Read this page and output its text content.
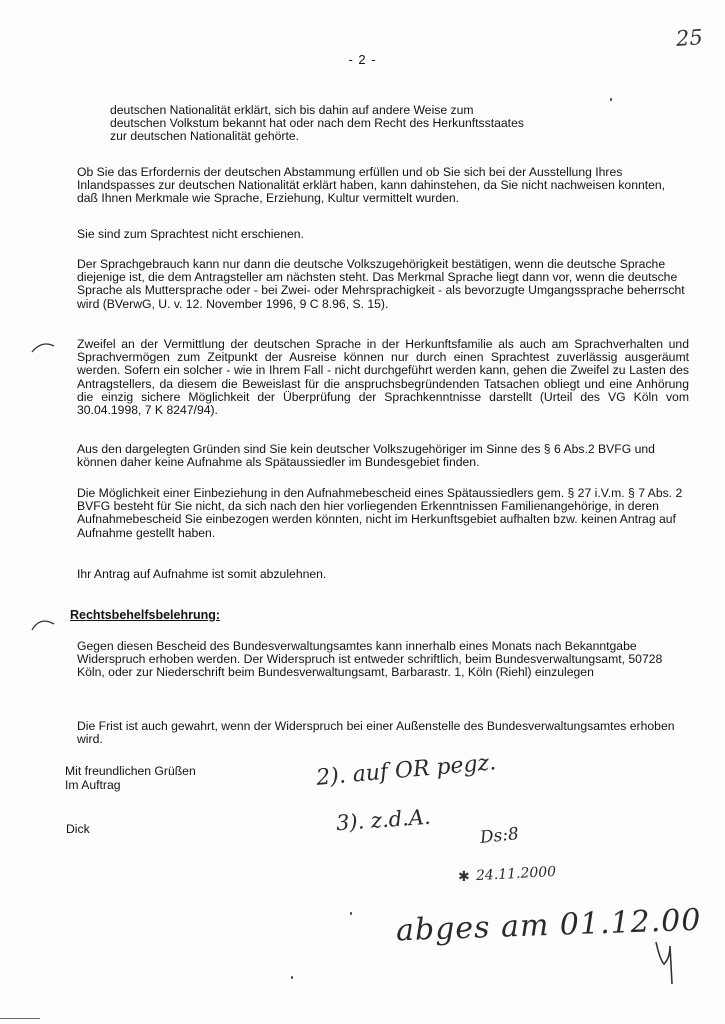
25
- 2 -

deutschen Nationalität erklärt, sich bis dahin auf andere Weise zum deutschen Volkstum bekannt hat oder nach dem Recht des Herkunftsstaates zur deutschen Nationalität gehörte.

Ob Sie das Erfordernis der deutschen Abstammung erfüllen und ob Sie sich bei der Ausstellung Ihres Inlandspasses zur deutschen Nationalität erklärt haben, kann dahinstehen, da Sie nicht nachweisen konnten, daß Ihnen Merkmale wie Sprache, Erziehung, Kultur vermittelt wurden.

Sie sind zum Sprachtest nicht erschienen.

Der Sprachgebrauch kann nur dann die deutsche Volkszugehörigkeit bestätigen, wenn die deutsche Sprache diejenige ist, die dem Antragsteller am nächsten steht. Das Merkmal Sprache liegt dann vor, wenn die deutsche Sprache als Muttersprache oder - bei Zwei- oder Mehrsprachigkeit - als bevorzugte Umgangssprache beherrscht wird (BVerwG, U. v. 12. November 1996, 9 C 8.96, S. 15).

Zweifel an der Vermittlung der deutschen Sprache in der Herkunftsfamilie als auch am Sprachverhalten und Sprachvermögen zum Zeitpunkt der Ausreise können nur durch einen Sprachtest zuverlässig ausgeräumt werden. Sofern ein solcher - wie in Ihrem Fall - nicht durchgeführt werden kann, gehen die Zweifel zu Lasten des Antragstellers, da diesem die Beweislast für die anspruchsbegründenden Tatsachen obliegt und eine Anhörung die einzig sichere Möglichkeit der Überprüfung der Sprachkenntnisse darstellt (Urteil des VG Köln vom 30.04.1998, 7 K 8247/94).

Aus den dargelegten Gründen sind Sie kein deutscher Volkszugehöriger im Sinne des § 6 Abs.2 BVFG und können daher keine Aufnahme als Spätaussiedler im Bundesgebiet finden.

Die Möglichkeit einer Einbeziehung in den Aufnahmebescheid eines Spätaussiedlers gem. § 27 i.V.m. § 7 Abs. 2 BVFG besteht für Sie nicht, da sich nach den hier vorliegenden Erkenntnissen Familienangehörige, in deren Aufnahmebescheid Sie einbezogen werden könnten, nicht im Herkunftsgebiet aufhalten bzw. keinen Antrag auf Aufnahme gestellt haben.

Ihr Antrag auf Aufnahme ist somit abzulehnen.

Rechtsbehelfsbelehrung:

Gegen diesen Bescheid des Bundesverwaltungsamtes kann innerhalb eines Monats nach Bekanntgabe Widerspruch erhoben werden. Der Widerspruch ist entweder schriftlich, beim Bundesverwaltungsamt, 50728 Köln, oder zur Niederschrift beim Bundesverwaltungsamt, Barbarastr. 1, Köln (Riehl) einzulegen

Die Frist ist auch gewahrt, wenn der Widerspruch bei einer Außenstelle des Bundesverwaltungsamtes erhoben wird.

Mit freundlichen Grüßen
Im Auftrag
Dick
2). auf OR pegz.
3). z.d.A.
Ds:8
✱ 24.11.2000
abges am 01.12.00
